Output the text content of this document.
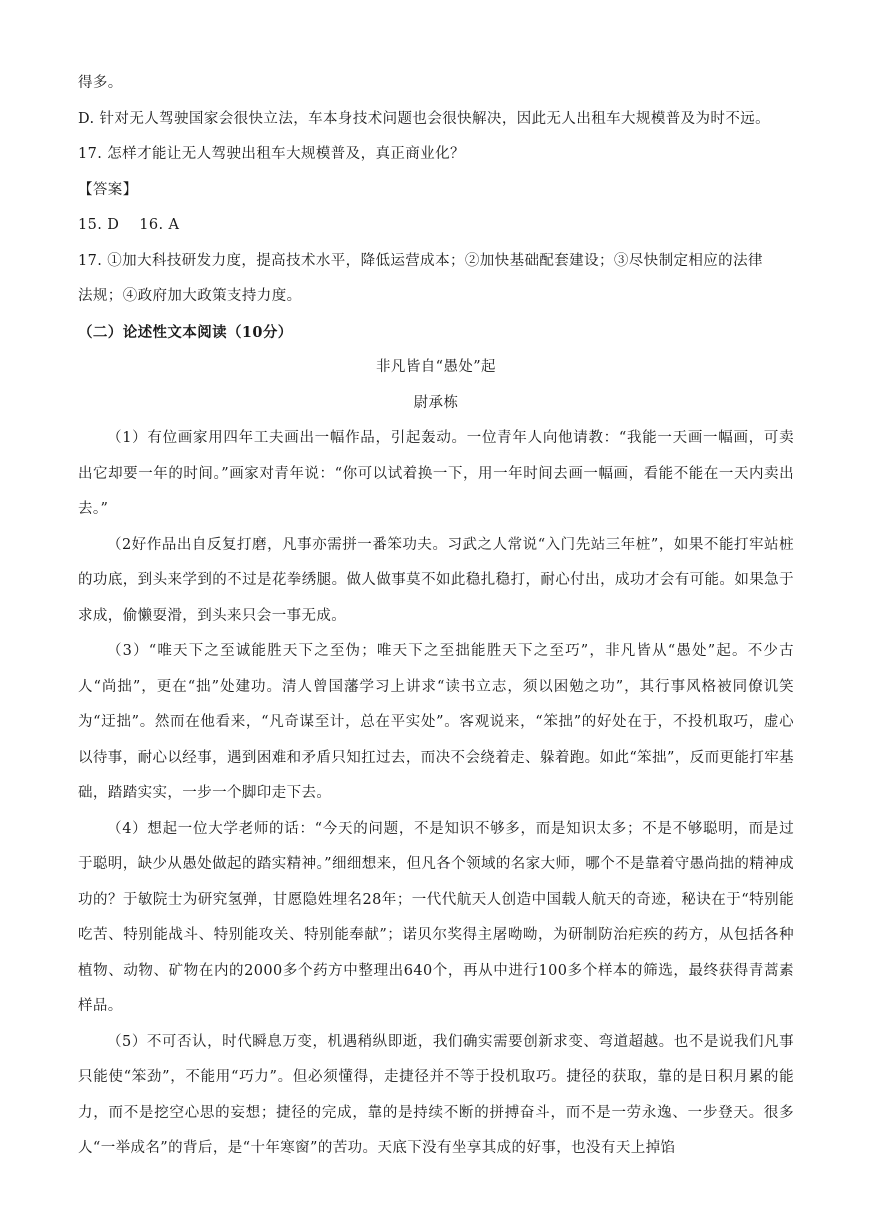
得多。
D. 针对无人驾驶国家会很快立法，车本身技术问题也会很快解决，因此无人出租车大规模普及为时不远。
17. 怎样才能让无人驾驶出租车大规模普及，真正商业化？
【答案】
15. D　 16. A
17. ①加大科技研发力度，提高技术水平，降低运营成本；②加快基础配套建设；③尽快制定相应的法律
法规；④政府加大政策支持力度。
（二）论述性文本阅读（10分）
非凡皆自“愚处”起
尉承栋

（1）有位画家用四年工夫画出一幅作品，引起轰动。一位青年人向他请教：“我能一天画一幅画，可卖出它却要一年的时间。”画家对青年说：“你可以试着换一下，用一年时间去画一幅画，看能不能在一天内卖出去。”

（2好作品出自反复打磨，凡事亦需拼一番笨功夫。习武之人常说“入门先站三年桩”，如果不能打牢站桩的功底，到头来学到的不过是花拳绣腿。做人做事莫不如此稳扎稳打，耐心付出，成功才会有可能。如果急于求成，偷懒耍滑，到头来只会一事无成。

（3）“唯天下之至诚能胜天下之至伪；唯天下之至拙能胜天下之至巧”，非凡皆从“愚处”起。不少古人“尚拙”，更在“拙”处建功。清人曾国藩学习上讲求“读书立志，须以困勉之功”，其行事风格被同僚讥笑为“迂拙”。然而在他看来，“凡奇谋至计，总在平实处”。客观说来，“笨拙”的好处在于，不投机取巧，虚心以待事，耐心以经事，遇到困难和矛盾只知扛过去，而决不会绕着走、躲着跑。如此“笨拙”，反而更能打牢基础，踏踏实实，一步一个脚印走下去。

（4）想起一位大学老师的话：“今天的问题，不是知识不够多，而是知识太多；不是不够聪明，而是过于聪明，缺少从愚处做起的踏实精神。”细细想来，但凡各个领域的名家大师，哪个不是靠着守愚尚拙的精神成功的？于敏院士为研究氢弹，甘愿隐姓埋名28年；一代代航天人创造中国载人航天的奇迹，秘诀在于“特别能吃苦、特别能战斗、特别能攻关、特别能奉献”；诺贝尔奖得主屠呦呦，为研制防治疟疾的药方，从包括各种植物、动物、矿物在内的2000多个药方中整理出640个，再从中进行100多个样本的筛选，最终获得青蒿素样品。

（5）不可否认，时代瞬息万变，机遇稍纵即逝，我们确实需要创新求变、弯道超越。也不是说我们凡事只能使“笨劲”，不能用“巧力”。但必须懂得，走捷径并不等于投机取巧。捷径的获取，靠的是日积月累的能力，而不是挖空心思的妄想；捷径的完成，靠的是持续不断的拼搏奋斗，而不是一劳永逸、一步登天。很多人“一举成名”的背后，是“十年寒窗”的苦功。天底下没有坐享其成的好事，也没有天上掉馅
